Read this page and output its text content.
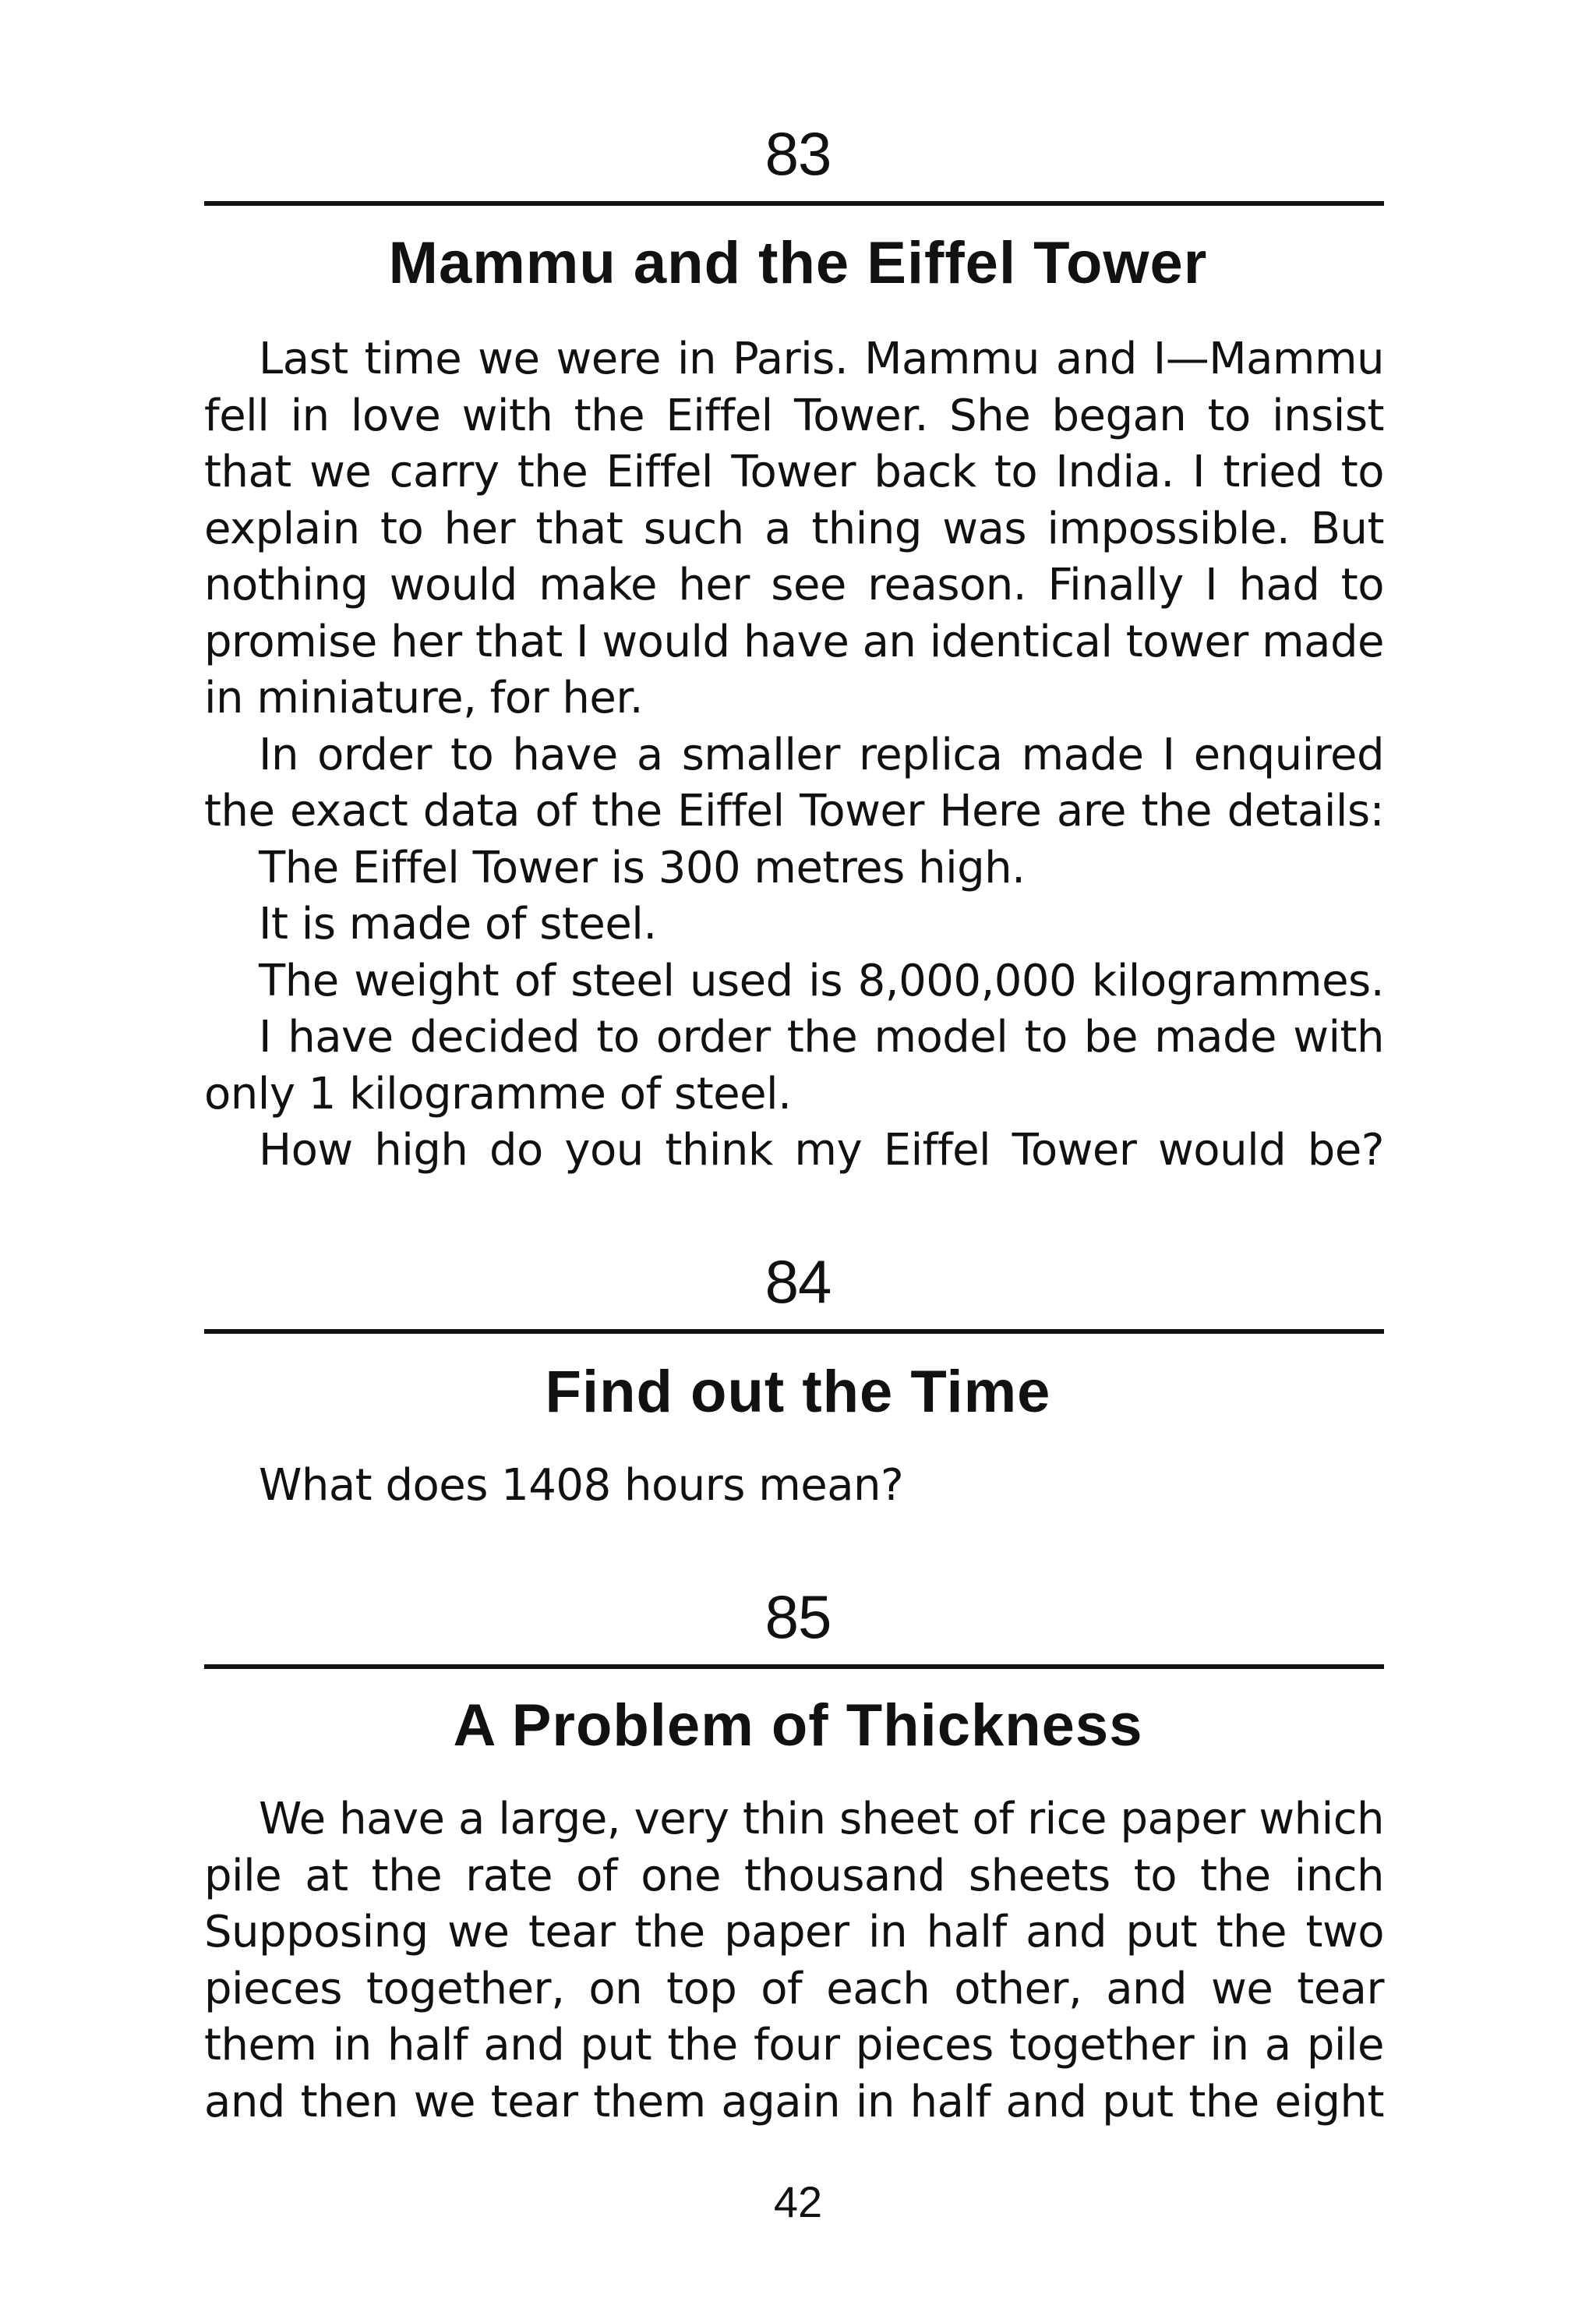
83
Mammu and the Eiffel Tower
Last time we were in Paris. Mammu and I—Mammu
fell in love with the Eiffel Tower. She began to insist
that we carry the Eiffel Tower back to India. I tried to
explain to her that such a thing was impossible. But
nothing would make her see reason. Finally I had to
promise her that I would have an identical tower made
in miniature, for her.
In order to have a smaller replica made I enquired
the exact data of the Eiffel Tower Here are the details:
The Eiffel Tower is 300 metres high.
It is made of steel.
The weight of steel used is 8,000,000 kilogrammes.
I have decided to order the model to be made with
only 1 kilogramme of steel.
How high do you think my Eiffel Tower would be?
84
Find out the Time
What does 1408 hours mean?
85
A Problem of Thickness
We have a large, very thin sheet of rice paper which
pile at the rate of one thousand sheets to the inch
Supposing we tear the paper in half and put the two
pieces together, on top of each other, and we tear
them in half and put the four pieces together in a pile
and then we tear them again in half and put the eight
42
